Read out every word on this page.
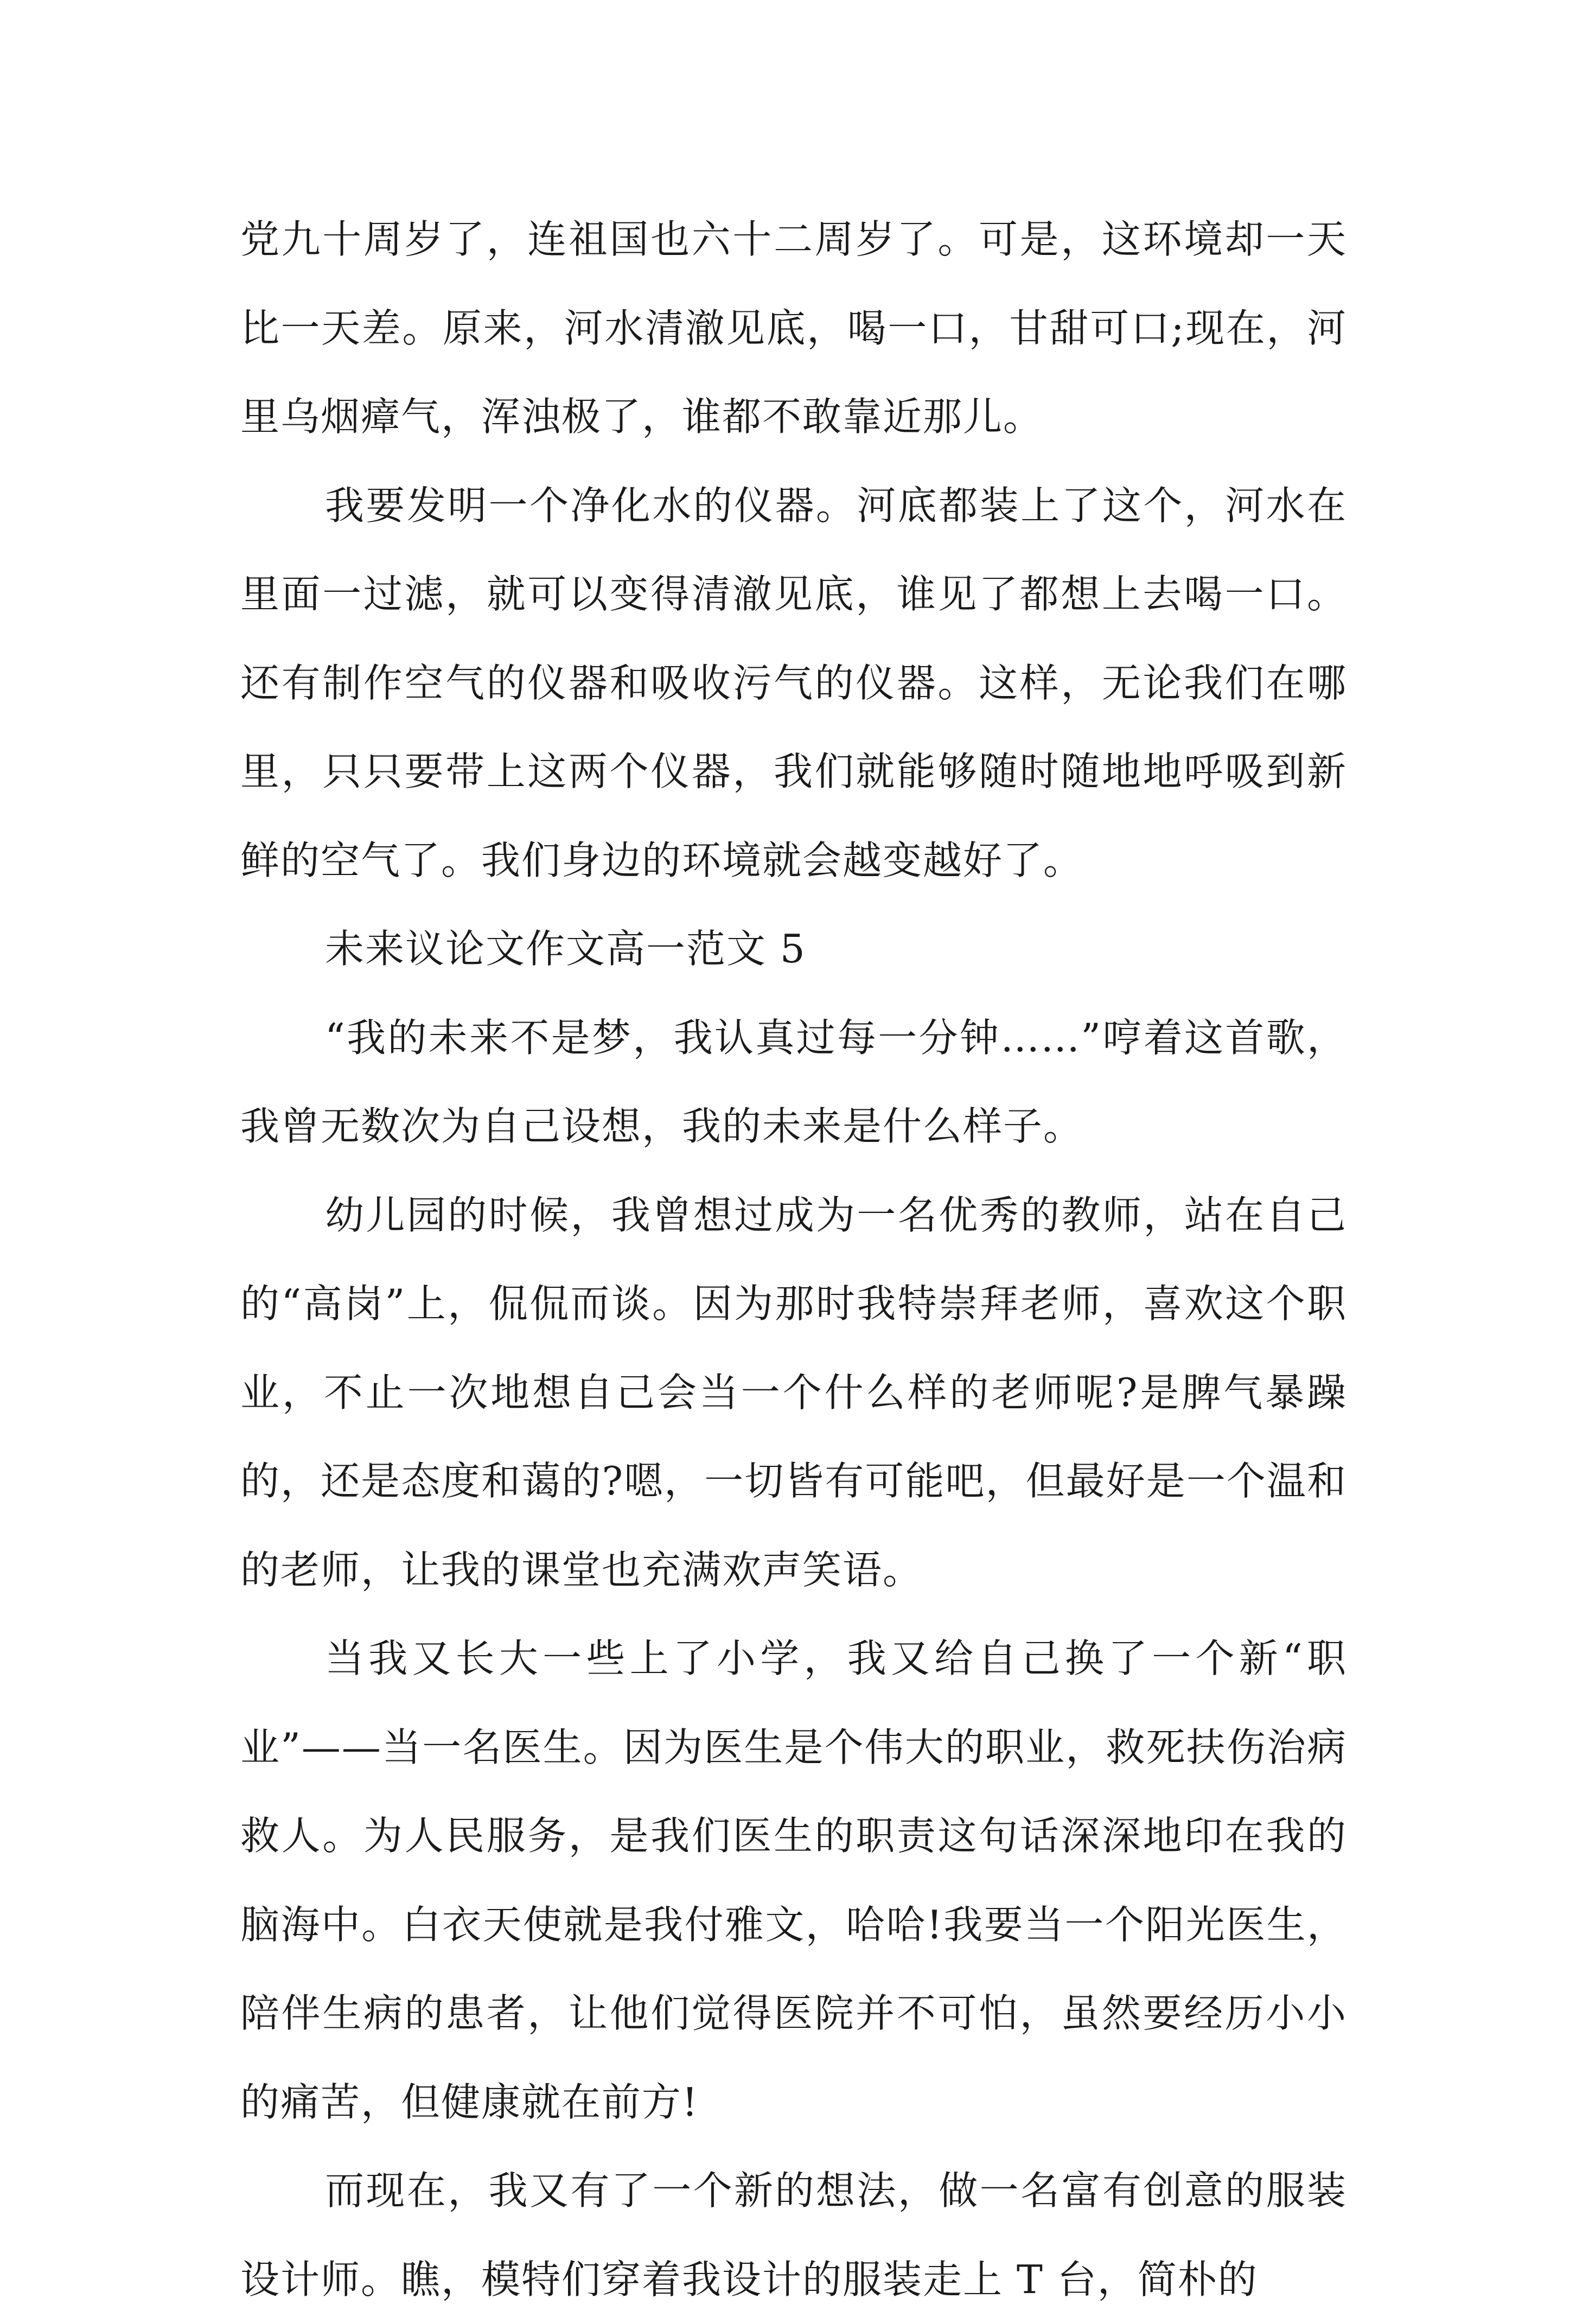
党九十周岁了，连祖国也六十二周岁了。可是，这环境却一天比一天差。原来，河水清澈见底，喝一口，甘甜可口;现在，河里乌烟瘴气，浑浊极了，谁都不敢靠近那儿。

我要发明一个净化水的仪器。河底都装上了这个，河水在里面一过滤，就可以变得清澈见底，谁见了都想上去喝一口。还有制作空气的仪器和吸收污气的仪器。这样，无论我们在哪里，只只要带上这两个仪器，我们就能够随时随地地呼吸到新鲜的空气了。我们身边的环境就会越变越好了。

未来议论文作文高一范文 5

“我的未来不是梦，我认真过每一分钟……”哼着这首歌，我曾无数次为自己设想，我的未来是什么样子。

幼儿园的时候，我曾想过成为一名优秀的教师，站在自己的“高岗”上，侃侃而谈。因为那时我特崇拜老师，喜欢这个职业，不止一次地想自己会当一个什么样的老师呢?是脾气暴躁的，还是态度和蔼的?嗯，一切皆有可能吧，但最好是一个温和的老师，让我的课堂也充满欢声笑语。

当我又长大一些上了小学，我又给自己换了一个新“职业”——当一名医生。因为医生是个伟大的职业，救死扶伤治病救人。为人民服务，是我们医生的职责这句话深深地印在我的脑海中。白衣天使就是我付雅文，哈哈!我要当一个阳光医生，陪伴生病的患者，让他们觉得医院并不可怕，虽然要经历小小的痛苦，但健康就在前方!

而现在，我又有了一个新的想法，做一名富有创意的服装设计师。瞧，模特们穿着我设计的服装走上 T 台，简朴的
